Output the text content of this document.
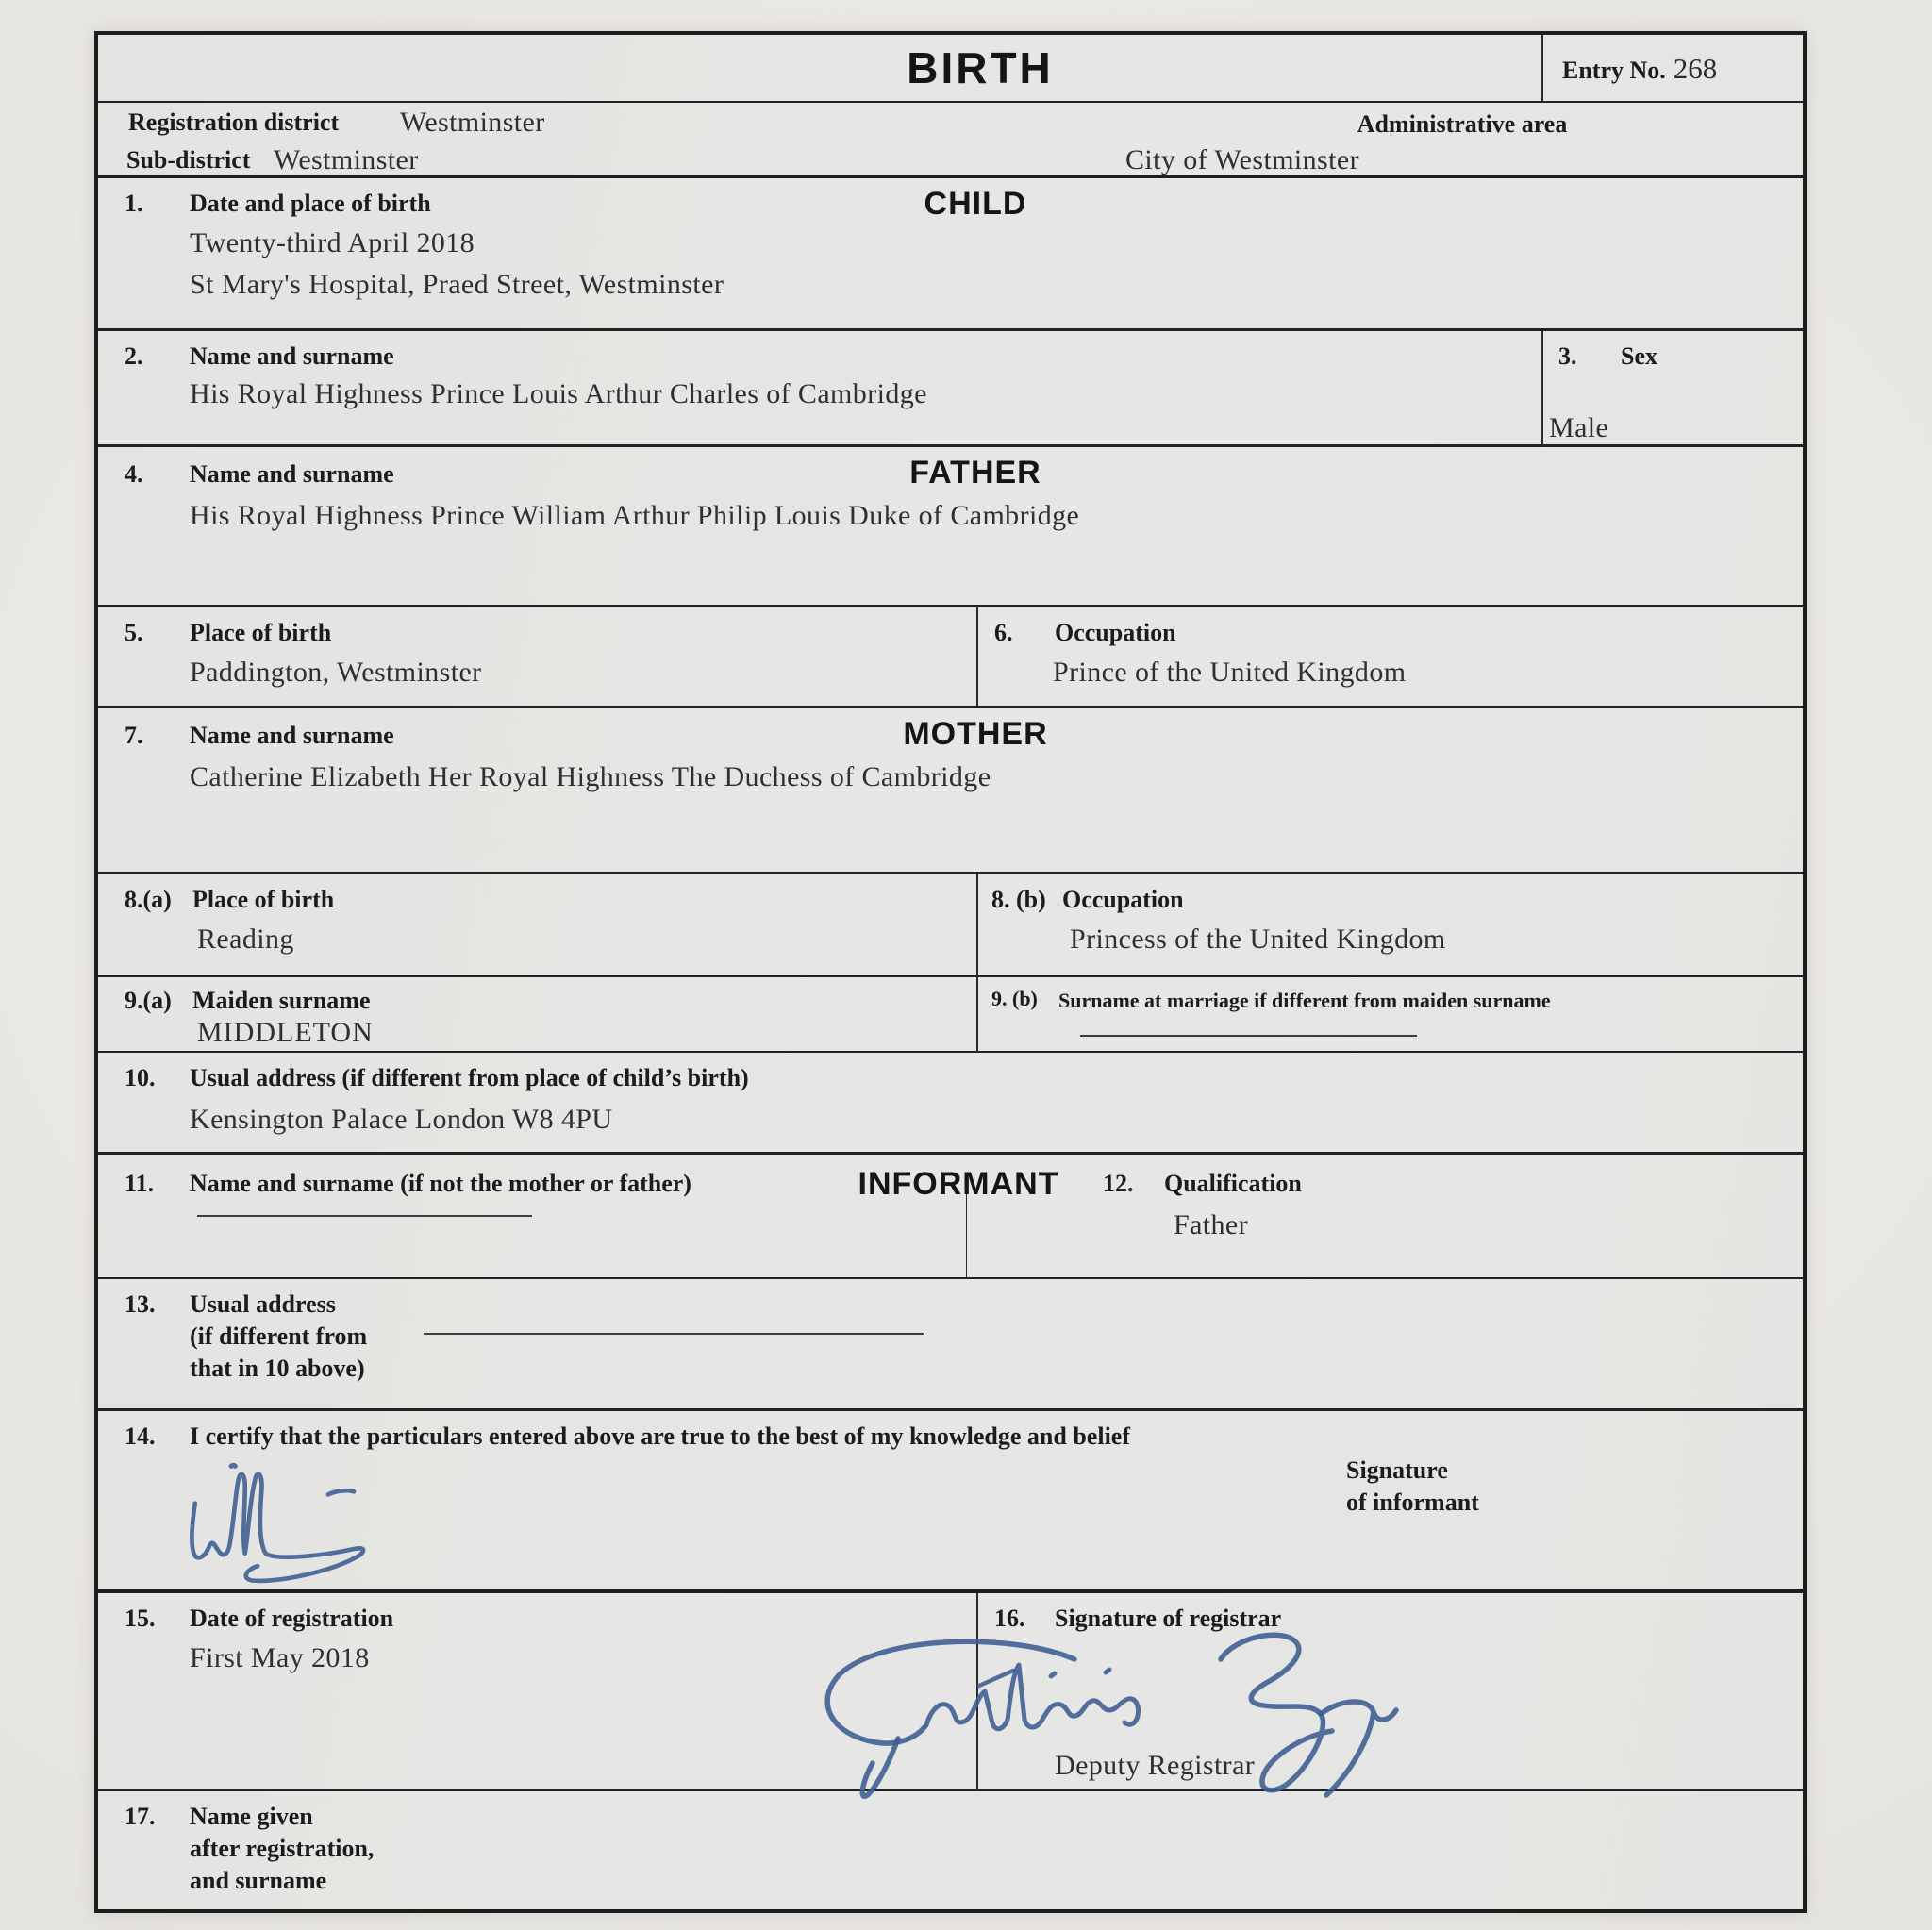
BIRTH	Entry No. 268
Registration district Westminster	Administrative area
Sub-district Westminster	City of Westminster
1. Date and place of birth	CHILD
Twenty-third April 2018
St Mary's Hospital, Praed Street, Westminster
2. Name and surname
His Royal Highness Prince Louis Arthur Charles of Cambridge
3. Sex
Male
4. Name and surname	FATHER
His Royal Highness Prince William Arthur Philip Louis Duke of Cambridge
5. Place of birth
Paddington, Westminster
6. Occupation
Prince of the United Kingdom
7. Name and surname	MOTHER
Catherine Elizabeth Her Royal Highness The Duchess of Cambridge
8.(a) Place of birth
Reading
8. (b) Occupation
Princess of the United Kingdom
9.(a) Maiden surname
MIDDLETON
9. (b) Surname at marriage if different from maiden surname
10. Usual address (if different from place of child’s birth)
Kensington Palace London W8 4PU
11. Name and surname (if not the mother or father)	INFORMANT 12. Qualification
Father
13. Usual address
(if different from
that in 10 above)
14. I certify that the particulars entered above are true to the best of my knowledge and belief
Signature
of informant
15. Date of registration
First May 2018
16. Signature of registrar
Deputy Registrar
17. Name given
after registration,
and surname
